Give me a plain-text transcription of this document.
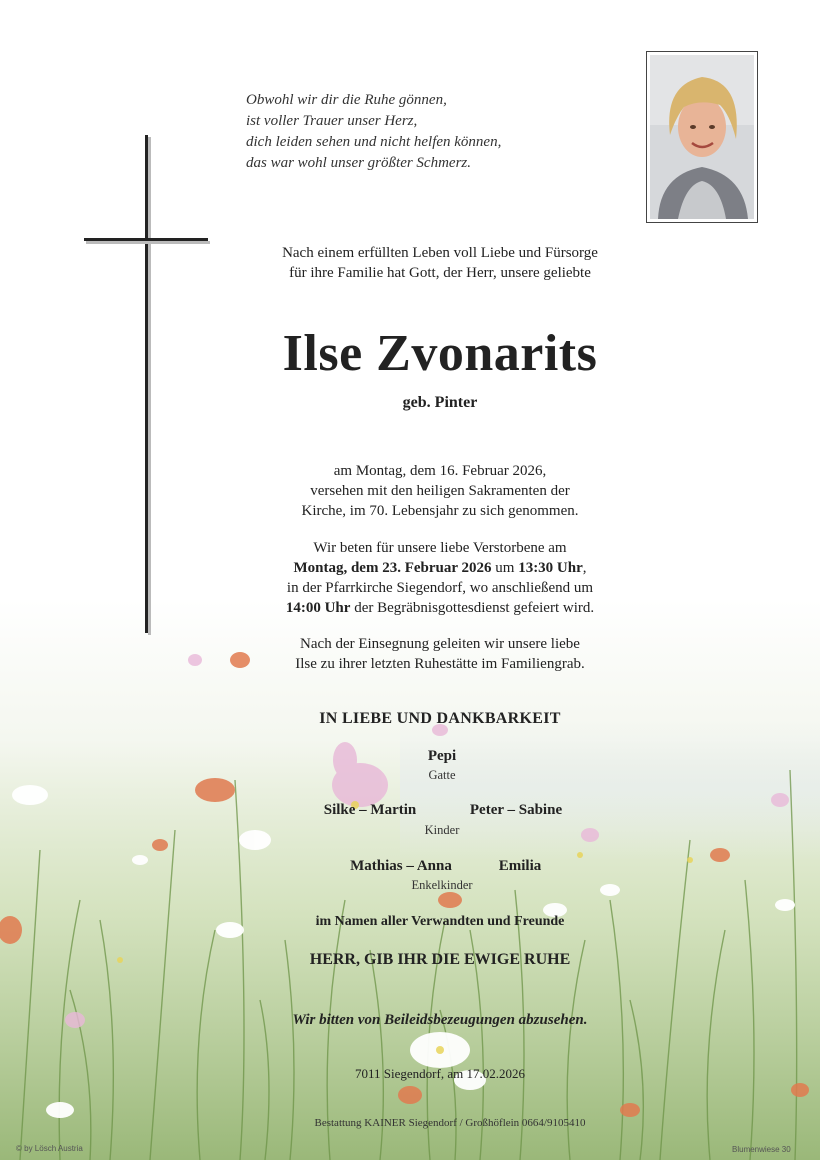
Obwohl wir dir die Ruhe gönnen,
ist voller Trauer unser Herz,
dich leiden sehen und nicht helfen können,
das war wohl unser größter Schmerz.
Nach einem erfüllten Leben voll Liebe und Fürsorge
für ihre Familie hat Gott, der Herr, unsere geliebte
Ilse Zvonarits
geb. Pinter
am Montag, dem 16. Februar 2026,
versehen mit den heiligen Sakramenten der
Kirche, im 70. Lebensjahr zu sich genommen.
Wir beten für unsere liebe Verstorbene am
Montag, dem 23. Februar 2026 um 13:30 Uhr,
in der Pfarrkirche Siegendorf, wo anschließend um
14:00 Uhr der Begräbnisgottesdienst gefeiert wird.
Nach der Einsegnung geleiten wir unsere liebe
Ilse zu ihrer letzten Ruhestätte im Familiengrab.
IN LIEBE UND DANKBARKEIT
Pepi
Gatte
Silke – Martin	Peter – Sabine
Kinder
Mathias – Anna	Emilia
Enkelkinder
im Namen aller Verwandten und Freunde
HERR, GIB IHR DIE EWIGE RUHE
Wir bitten von Beileidsbezeugungen abzusehen.
7011 Siegendorf, am 17.02.2026
Bestattung KAINER Siegendorf / Großhöflein 0664/9105410
© by Lösch Austria	Blumenwiese 30
